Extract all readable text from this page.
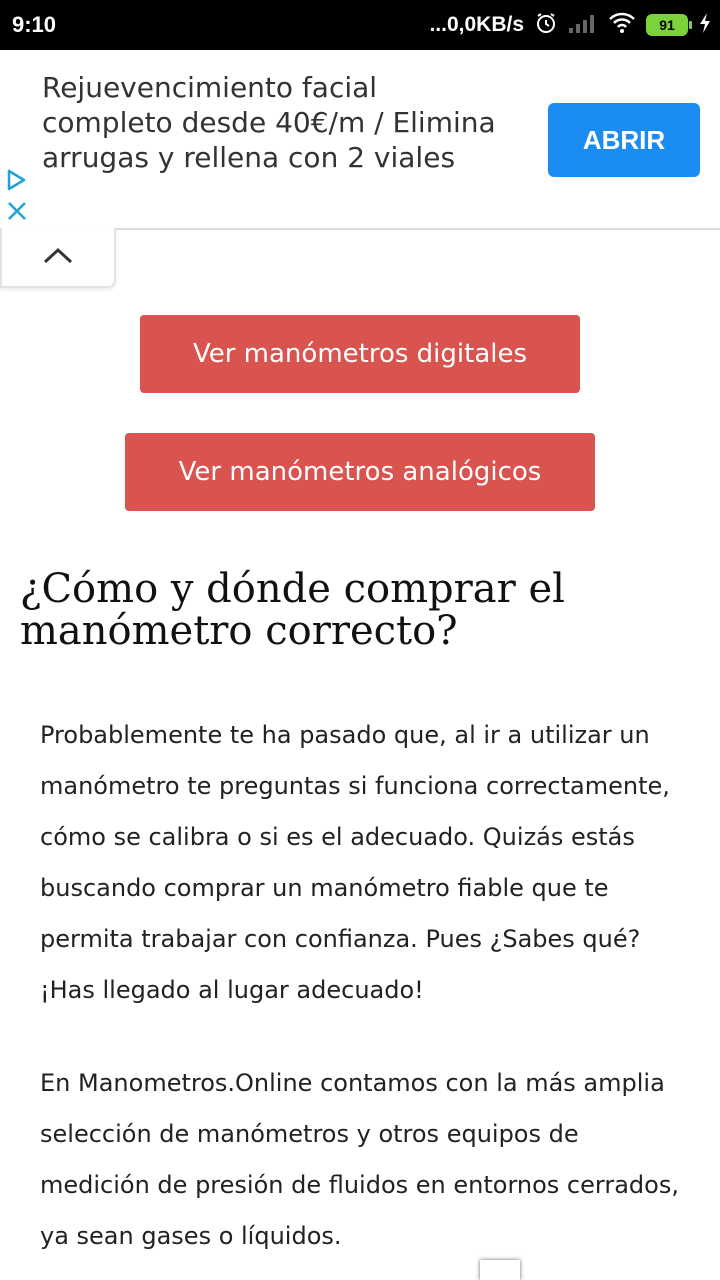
9:10	...0,0KB/s	91
Rejuevencimiento facial completo desde 40€/m / Elimina arrugas y rellena con 2 viales
ABRIR
Ver manómetros digitales
Ver manómetros analógicos
¿Cómo y dónde comprar el manómetro correcto?

Probablemente te ha pasado que, al ir a utilizar un manómetro te preguntas si funciona correctamente, cómo se calibra o si es el adecuado. Quizás estás buscando comprar un manómetro fiable que te permita trabajar con confianza. Pues ¿Sabes qué? ¡Has llegado al lugar adecuado!

En Manometros.Online contamos con la más amplia selección de manómetros y otros equipos de medición de presión de fluidos en entornos cerrados, ya sean gases o líquidos.
